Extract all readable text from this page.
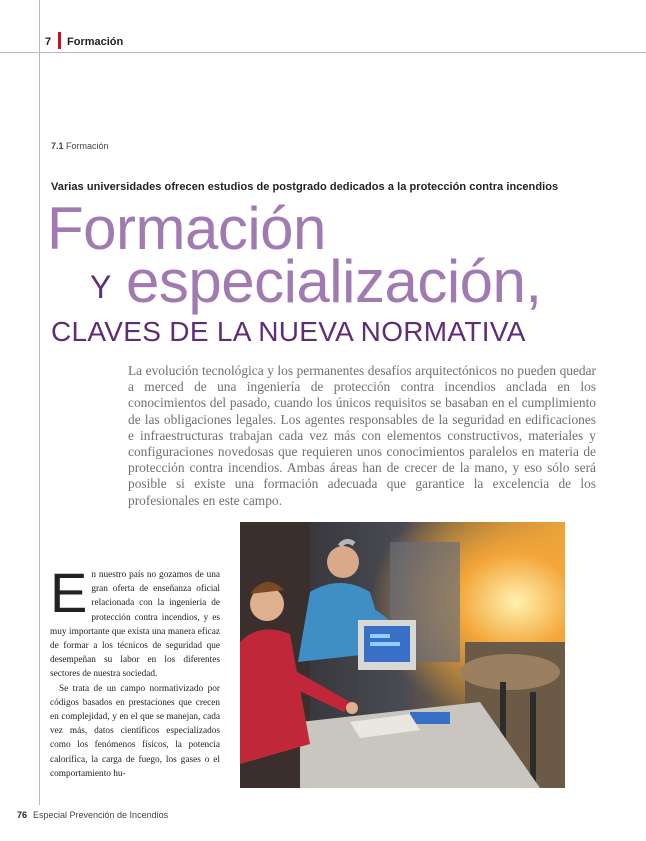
7 Formación
7.1 Formación
Varias universidades ofrecen estudios de postgrado dedicados a la protección contra incendios
Formación
Y especialización,
CLAVES DE LA NUEVA NORMATIVA

La evolución tecnológica y los permanentes desafíos arquitectónicos no pueden quedar a merced de una ingeniería de protección contra incendios anclada en los conocimientos del pasado, cuando los únicos requisitos se basaban en el cumplimiento de las obligaciones legales. Los agentes responsables de la seguridad en edificaciones e infraestructuras trabajan cada vez más con elementos constructivos, materiales y configuraciones novedosas que requieren unos conocimientos paralelos en materia de protección contra incendios. Ambas áreas han de crecer de la mano, y eso sólo será posible si existe una formación adecuada que garantice la excelencia de los profesionales en este campo.

En nuestro país no gozamos de una gran oferta de enseñanza oficial relacionada con la ingeniería de protección contra incendios, y es muy importante que exista una manera eficaz de formar a los técnicos de seguridad que desempeñan su labor en los diferentes sectores de nuestra sociedad.

Se trata de un campo normativizado por códigos basados en prestaciones que crecen en complejidad, y en el que se manejan, cada vez más, datos científicos especializados como los fenómenos físicos, la potencia calorífica, la carga de fuego, los gases o el comportamiento hu-

76 Especial Prevención de Incendios
